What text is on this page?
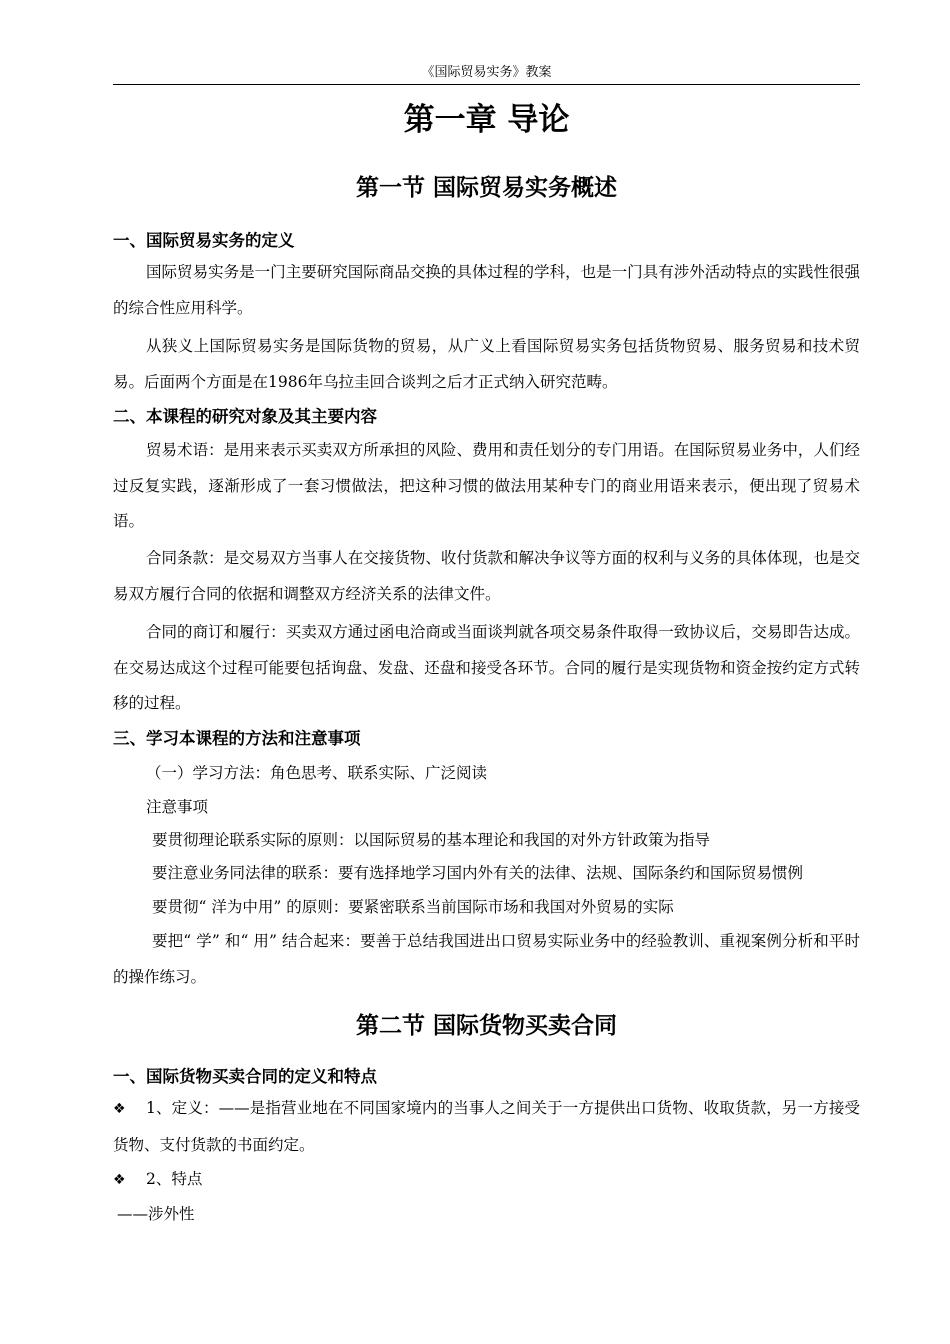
《国际贸易实务》教案
第一章 导论
第一节 国际贸易实务概述
一、国际贸易实务的定义
国际贸易实务是一门主要研究国际商品交换的具体过程的学科，也是一门具有涉外活动特点的实践性很强的综合性应用科学。
从狭义上国际贸易实务是国际货物的贸易，从广义上看国际贸易实务包括货物贸易、服务贸易和技术贸易。后面两个方面是在1986年乌拉圭回合谈判之后才正式纳入研究范畴。
二、本课程的研究对象及其主要内容
贸易术语：是用来表示买卖双方所承担的风险、费用和责任划分的专门用语。在国际贸易业务中，人们经过反复实践，逐渐形成了一套习惯做法，把这种习惯的做法用某种专门的商业用语来表示，便出现了贸易术语。
合同条款：是交易双方当事人在交接货物、收付货款和解决争议等方面的权利与义务的具体体现，也是交易双方履行合同的依据和调整双方经济关系的法律文件。
合同的商订和履行：买卖双方通过函电洽商或当面谈判就各项交易条件取得一致协议后，交易即告达成。在交易达成这个过程可能要包括询盘、发盘、还盘和接受各环节。合同的履行是实现货物和资金按约定方式转移的过程。
三、学习本课程的方法和注意事项
（一）学习方法：角色思考、联系实际、广泛阅读
注意事项
要贯彻理论联系实际的原则：以国际贸易的基本理论和我国的对外方针政策为指导
要注意业务同法律的联系：要有选择地学习国内外有关的法律、法规、国际条约和国际贸易惯例
要贯彻“ 洋为中用” 的原则：要紧密联系当前国际市场和我国对外贸易的实际
要把“ 学” 和“ 用” 结合起来：要善于总结我国进出口贸易实际业务中的经验教训、重视案例分析和平时的操作练习。
第二节 国际货物买卖合同
一、国际货物买卖合同的定义和特点
❖ 1、定义：——是指营业地在不同国家境内的当事人之间关于一方提供出口货物、收取货款，另一方接受货物、支付货款的书面约定。
❖ 2、特点
——涉外性
